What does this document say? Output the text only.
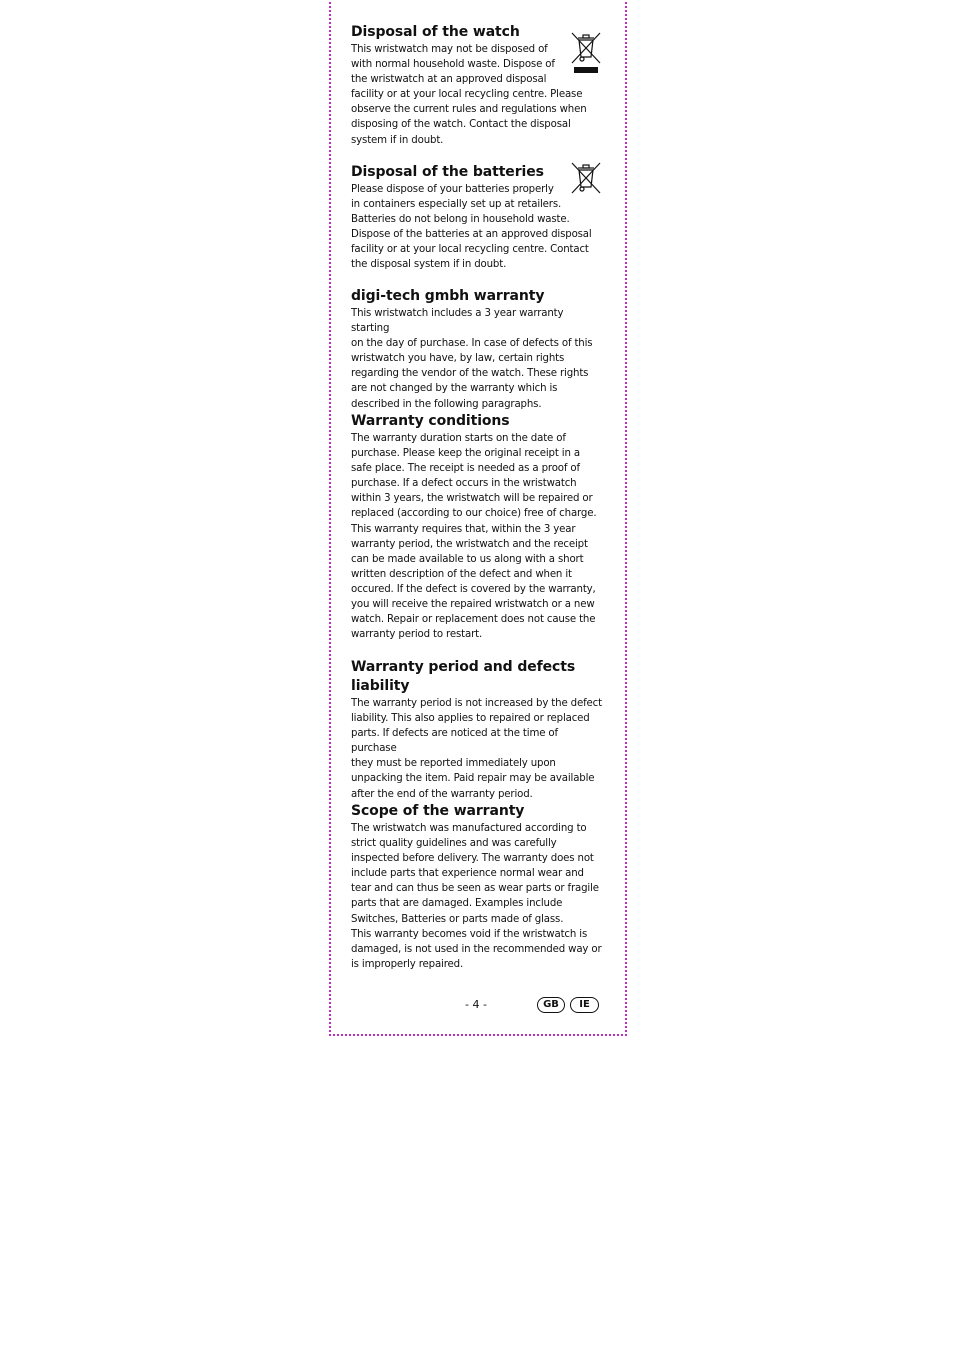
Disposal of the watch

This wristwatch may not be disposed of
with normal household waste. Dispose of
the wristwatch at an approved disposal
facility or at your local recycling centre. Please
observe the current rules and regulations when
disposing of the watch. Contact the disposal
system if in doubt.

Disposal of the batteries

Please dispose of your batteries properly
in containers especially set up at retailers.
Batteries do not belong in household waste.
Dispose of the batteries at an approved disposal
facility or at your local recycling centre. Contact
the disposal system if in doubt.

digi-tech gmbh warranty

This wristwatch includes a 3 year warranty starting
on the day of purchase. In case of defects of this
wristwatch you have, by law, certain rights
regarding the vendor of the watch. These rights
are not changed by the warranty which is
described in the following paragraphs.

Warranty conditions

The warranty duration starts on the date of
purchase. Please keep the original receipt in a
safe place. The receipt is needed as a proof of
purchase. If a defect occurs in the wristwatch
within 3 years, the wristwatch will be repaired or
replaced (according to our choice) free of charge.
This warranty requires that, within the 3 year
warranty period, the wristwatch and the receipt
can be made available to us along with a short
written description of the defect and when it
occured. If the defect is covered by the warranty,
you will receive the repaired wristwatch or a new
watch. Repair or replacement does not cause the
warranty period to restart.

Warranty period and defects
liability

The warranty period is not increased by the defect
liability. This also applies to repaired or replaced
parts. If defects are noticed at the time of purchase
they must be reported immediately upon
unpacking the item. Paid repair may be available
after the end of the warranty period.

Scope of the warranty

The wristwatch was manufactured according to
strict quality guidelines and was carefully
inspected before delivery. The warranty does not
include parts that experience normal wear and
tear and can thus be seen as wear parts or fragile
parts that are damaged. Examples include
Switches, Batteries or parts made of glass.
This warranty becomes void if the wristwatch is
damaged, is not used in the recommended way or
is improperly repaired.

- 4 -	GB	IE
